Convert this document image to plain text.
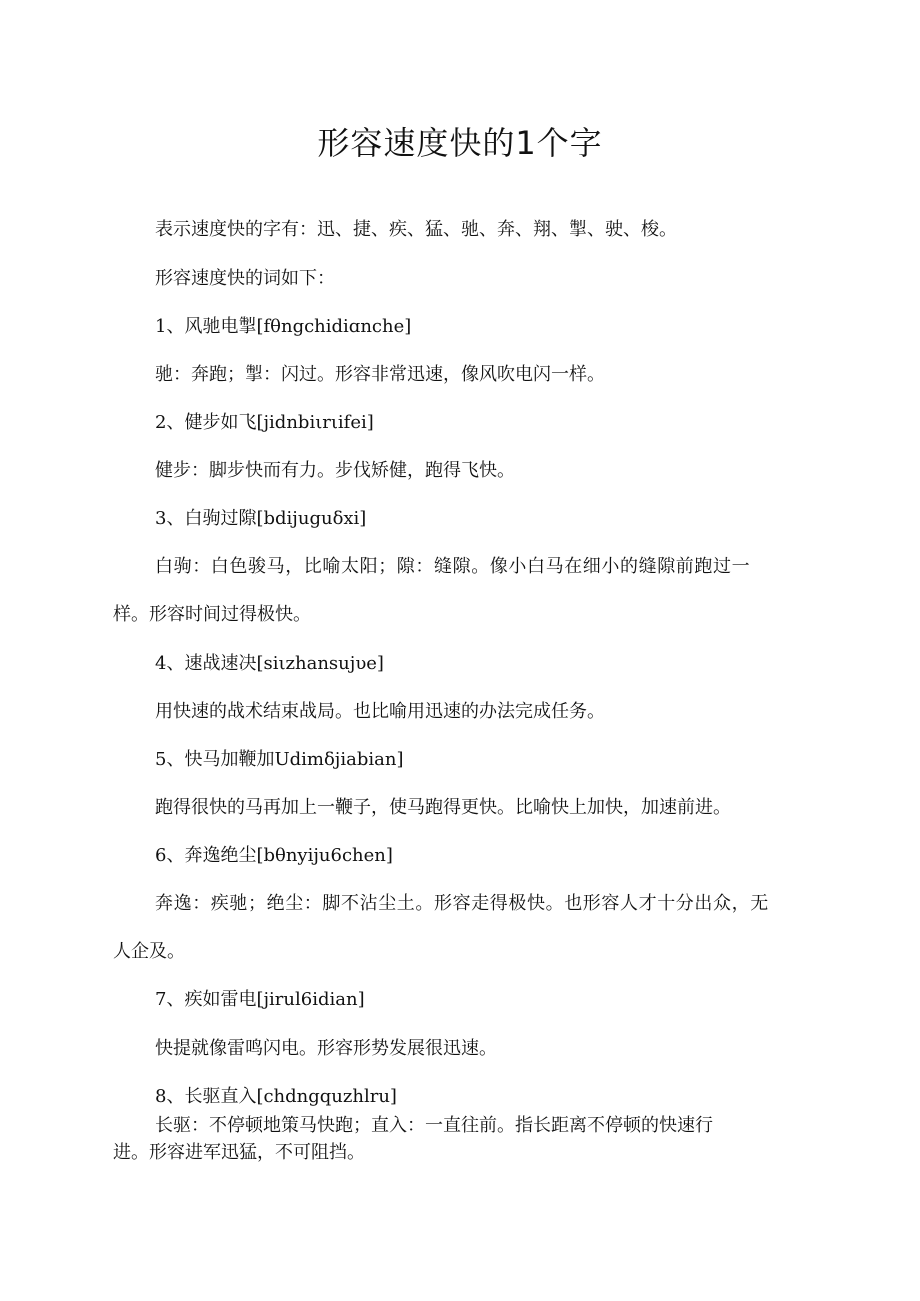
形容速度快的1个字
表示速度快的字有：迅、捷、疾、猛、驰、奔、翔、掣、驶、梭。
形容速度快的词如下：
1、风驰电掣[fθngchidiɑnche]
驰：奔跑；掣：闪过。形容非常迅速，像风吹电闪一样。
2、健步如飞[jidnbiιrιifei]
健步：脚步快而有力。步伐矫健，跑得飞快。
3、白驹过隙[bdijuguδxi]
白驹：白色骏马，比喻太阳；隙：缝隙。像小白马在细小的缝隙前跑过一
样。形容时间过得极快。
4、速战速决[siιzhansujυe]
用快速的战术结束战局。也比喻用迅速的办法完成任务。
5、快马加鞭加Udimδjiabian]
跑得很快的马再加上一鞭子，使马跑得更快。比喻快上加快，加速前进。
6、奔逸绝尘[bθnyiju6chen]
奔逸：疾驰；绝尘：脚不沾尘土。形容走得极快。也形容人才十分出众，无
人企及。
7、疾如雷电[jirul6idian]
快提就像雷鸣闪电。形容形势发展很迅速。
8、长驱直入[chdngquzhlru]
长驱：不停顿地策马快跑；直入：一直往前。指长距离不停顿的快速行
进。形容进军迅猛，不可阻挡。
